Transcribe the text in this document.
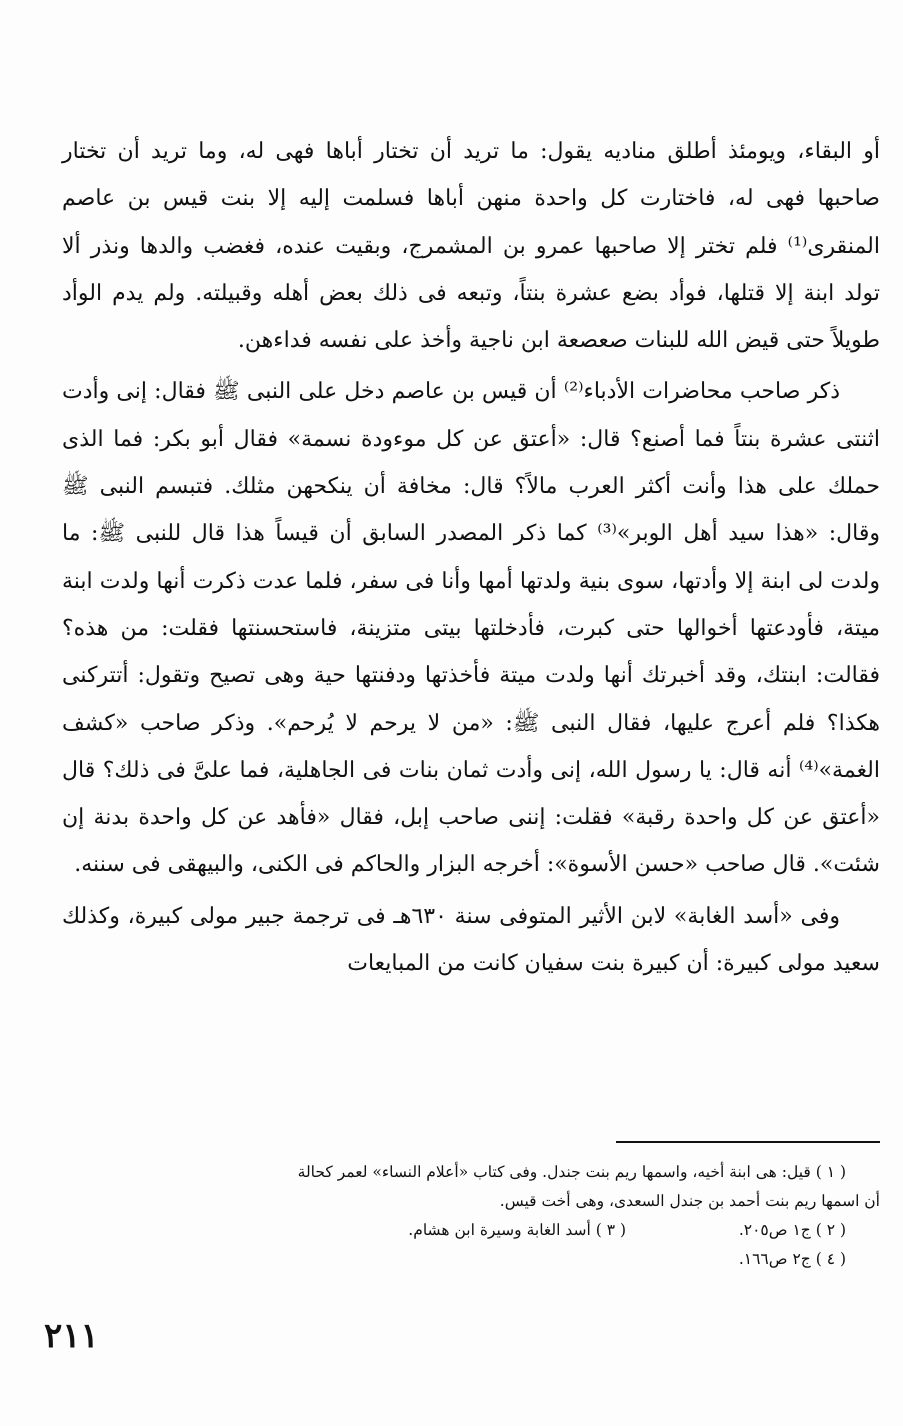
أو البقاء، ويومئذ أطلق مناديه يقول: ما تريد أن تختار أباها فهى له، وما تريد أن تختار صاحبها فهى له، فاختارت كل واحدة منهن أباها فسلمت إليه إلا بنت قيس بن عاصم المنقرى⁽¹⁾ فلم تختر إلا صاحبها عمرو بن المشمرج، وبقيت عنده، فغضب والدها ونذر ألا تولد ابنة إلا قتلها، فوأد بضع عشرة بنتاً، وتبعه فى ذلك بعض أهله وقبيلته. ولم يدم الوأد طويلاً حتى قيض الله للبنات صعصعة ابن ناجية وأخذ على نفسه فداءهن.

ذكر صاحب محاضرات الأدباء⁽²⁾ أن قيس بن عاصم دخل على النبى ﷺ فقال: إنى وأدت اثنتى عشرة بنتاً فما أصنع؟ قال: «أعتق عن كل موءودة نسمة» فقال أبو بكر: فما الذى حملك على هذا وأنت أكثر العرب مالاً؟ قال: مخافة أن ينكحهن مثلك. فتبسم النبى ﷺ وقال: «هذا سيد أهل الوبر»⁽³⁾ كما ذكر المصدر السابق أن قيساً هذا قال للنبى ﷺ: ما ولدت لى ابنة إلا وأدتها، سوى بنية ولدتها أمها وأنا فى سفر، فلما عدت ذكرت أنها ولدت ابنة ميتة، فأودعتها أخوالها حتى كبرت، فأدخلتها بيتى متزينة، فاستحسنتها فقلت: من هذه؟ فقالت: ابنتك، وقد أخبرتك أنها ولدت ميتة فأخذتها ودفنتها حية وهى تصيح وتقول: أتتركنى هكذا؟ فلم أعرج عليها، فقال النبى ﷺ: «من لا يرحم لا يُرحم». وذكر صاحب «كشف الغمة»⁽⁴⁾ أنه قال: يا رسول الله، إنى وأدت ثمان بنات فى الجاهلية، فما علىَّ فى ذلك؟ قال «أعتق عن كل واحدة رقبة» فقلت: إننى صاحب إبل، فقال «فأهد عن كل واحدة بدنة إن شئت». قال صاحب «حسن الأسوة»: أخرجه البزار والحاكم فى الكنى، والبيهقى فى سننه.

وفى «أسد الغابة» لابن الأثير المتوفى سنة ٦٣٠هـ فى ترجمة جبير مولى كبيرة، وكذلك سعيد مولى كبيرة: أن كبيرة بنت سفيان كانت من المبايعات

( ١ ) قيل: هى ابنة أخيه، واسمها ريم بنت جندل. وفى كتاب «أعلام النساء» لعمر كحالة

أن اسمها ريم بنت أحمد بن جندل السعدى، وهى أخت قيس.

( ٢ ) ج١ ص٢٠٥.
( ٣ ) أسد الغابة وسيرة ابن هشام.

( ٤ ) ج٢ ص١٦٦.

٢١١
